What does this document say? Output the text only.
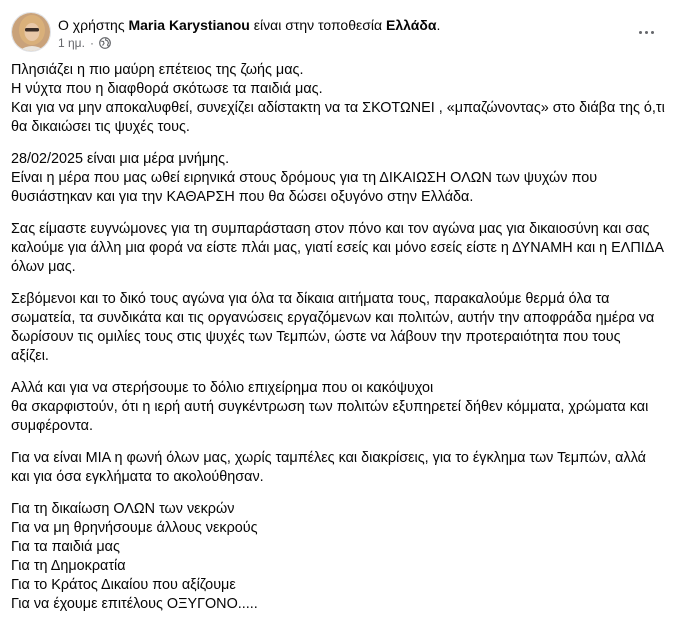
Ο χρήστης Maria Karystianou είναι στην τοποθεσία Ελλάδα.
1 ημ. ·

Πλησιάζει η πιο μαύρη επέτειος της ζωής μας.
Η νύχτα που η διαφθορά σκότωσε τα παιδιά μας.
Και για να μην αποκαλυφθεί, συνεχίζει αδίστακτη να τα ΣΚΟΤΩΝΕΙ , «μπαζώνοντας» στο διάβα της ό,τι
θα δικαιώσει τις ψυχές τους.

28/02/2025 είναι μια μέρα μνήμης.
Είναι η μέρα που μας ωθεί ειρηνικά στους δρόμους για τη ΔΙΚΑΙΩΣΗ ΟΛΩΝ των ψυχών που
θυσιάστηκαν και για την ΚΑΘΑΡΣΗ που θα δώσει οξυγόνο στην Ελλάδα.

Σας είμαστε ευγνώμονες για τη συμπαράσταση στον πόνο και τον αγώνα μας για δικαιοσύνη και σας
καλούμε για άλλη μια φορά να είστε πλάι μας, γιατί εσείς και μόνο εσείς είστε η ΔΥΝΑΜΗ και η ΕΛΠΙΔΑ
όλων μας.

Σεβόμενοι και το δικό τους αγώνα για όλα τα δίκαια αιτήματα τους, παρακαλούμε θερμά όλα τα
σωματεία, τα συνδικάτα και τις οργανώσεις εργαζόμενων και πολιτών, αυτήν την αποφράδα ημέρα να
δωρίσουν τις ομιλίες τους στις ψυχές των Τεμπών, ώστε να λάβουν την προτεραιότητα που τους
αξίζει.

Αλλά και για να στερήσουμε το δόλιο επιχείρημα που οι κακόψυχοι
θα σκαρφιστούν, ότι η ιερή αυτή συγκέντρωση των πολιτών εξυπηρετεί δήθεν κόμματα, χρώματα και
συμφέροντα.

Για να είναι ΜΙΑ η φωνή όλων μας, χωρίς ταμπέλες και διακρίσεις, για το έγκλημα των Τεμπών, αλλά
και για όσα εγκλήματα το ακολούθησαν.

Για τη δικαίωση ΟΛΩΝ των νεκρών
Για να μη θρηνήσουμε άλλους νεκρούς
Για τα παιδιά μας
Για τη Δημοκρατία
Για το Κράτος Δικαίου που αξίζουμε
Για να έχουμε επιτέλους ΟΞΥΓΟΝΟ.....
